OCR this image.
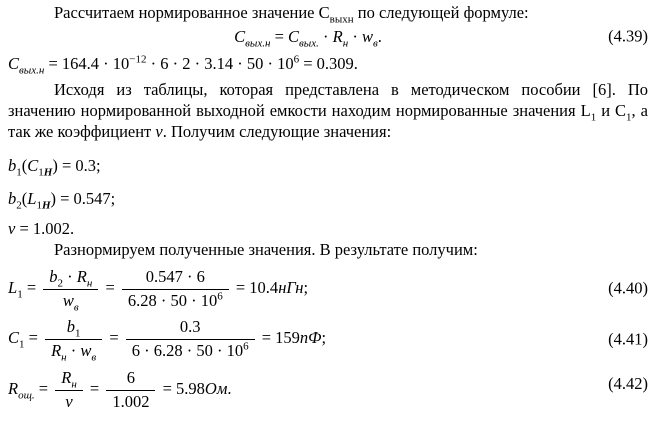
Рассчитаем нормированное значение $С_{выхн}$ по следующей формуле:

$C_{вых.н} = C_{вых.} \cdot R_н \cdot w_в$.	(4.39)

$C_{вых.н} = 164.4 \cdot 10^{-12} \cdot 6 \cdot 2 \cdot 3.14 \cdot 50 \cdot 10^6 = 0.309$.

Исходя из таблицы, которая представлена в методическом пособии [6]. По значению нормированной выходной емкости находим нормированные значения $L_1$ и $C_1$, а так же коэффициент ν. Получим следующие значения:

$b_1(C_{1Н}) = 0.3$;

$b_2(L_{1Н}) = 0.547$;

ν = 1.002.

Разнормируем полученные значения. В результате получим:

$L_1 = \frac{b_2 \cdot R_н}{w_в} = \frac{0.547 \cdot 6}{6.28 \cdot 50 \cdot 10^6} = 10.4нГн$;	(4.40)
$C_1 = \frac{b_1}{R_н \cdot w_в} = \frac{0.3}{6 \cdot 6.28 \cdot 50 \cdot 10^6} = 159пФ$;	(4.41)
$R_{ощ.} = \frac{R_н}{\nu} = \frac{6}{1.002} = 5.98Ом$.	(4.42)
